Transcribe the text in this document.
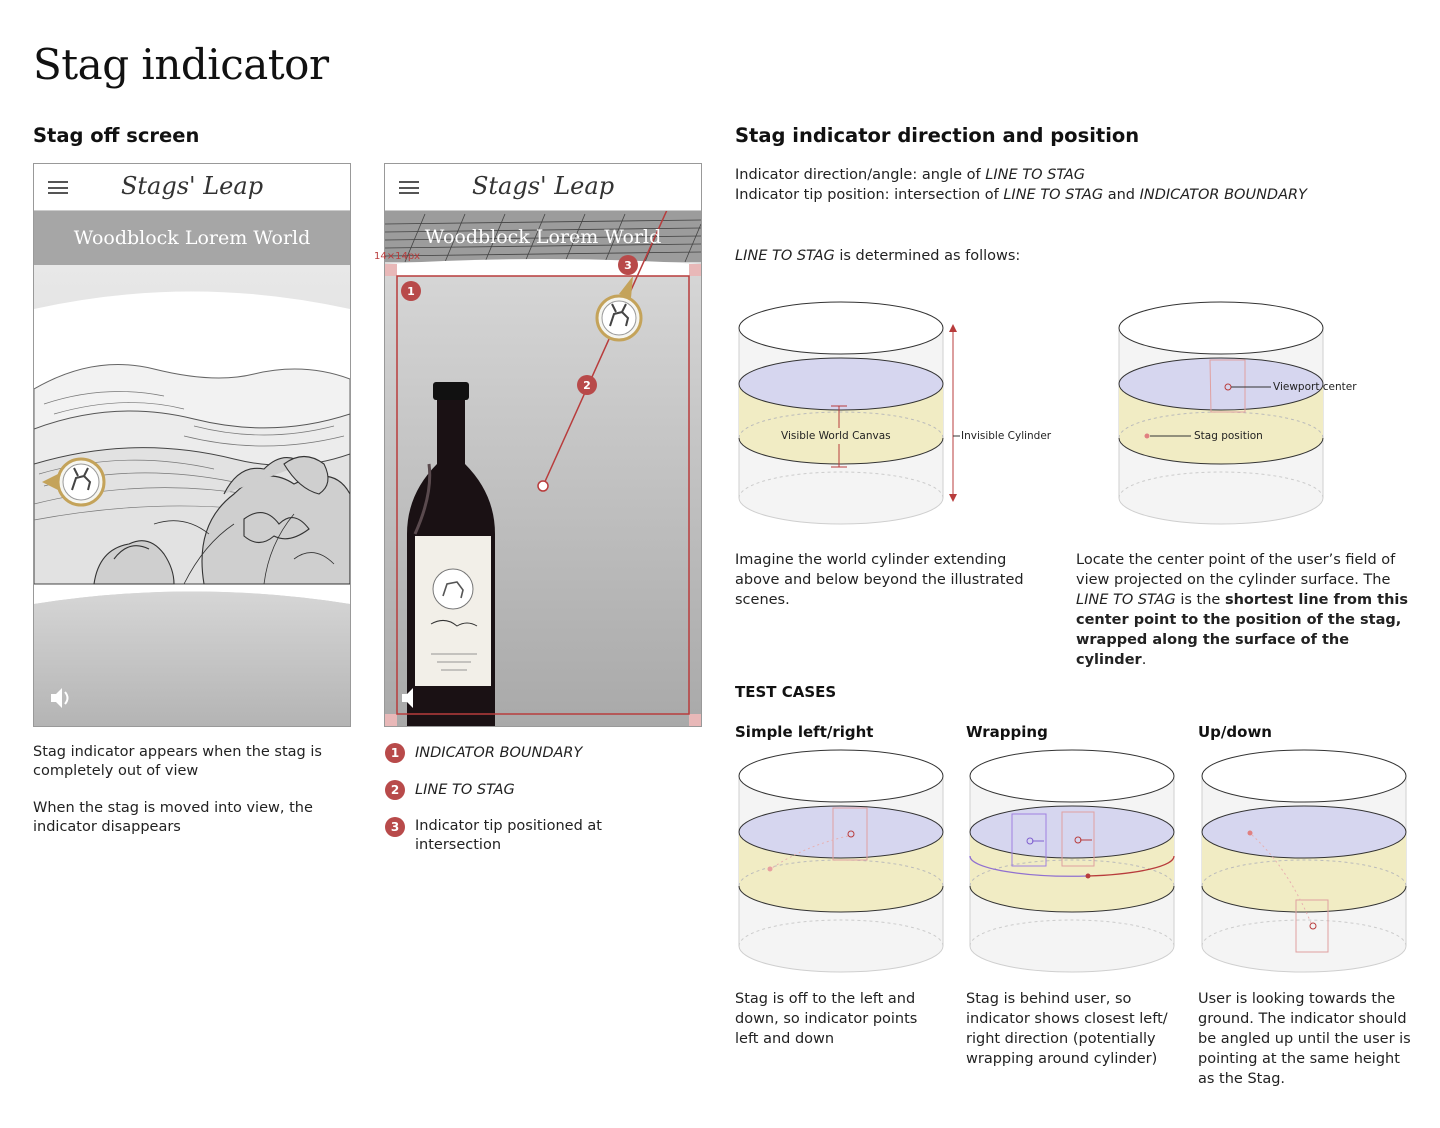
Stag indicator
Stag off screen
Stags' Leap
Woodblock Lorem World
1
2
3
Stags' Leap
Woodblock Lorem World
14×14px
Stag indicator appears when the stag is completely out of view
When the stag is moved into view, the indicator disappears
1	INDICATOR BOUNDARY
2	LINE TO STAG
3	Indicator tip positioned at intersection
Stag indicator direction and position
Indicator direction/angle: angle of LINE TO STAG
Indicator tip position: intersection of LINE TO STAG and INDICATOR BOUNDARY
LINE TO STAG is determined as follows:
Visible World Canvas	Invisible Cylinder
Imagine the world cylinder extending above and below beyond the illustrated scenes.
Viewport center
Stag position
Locate the center point of the user’s field of view projected on the cylinder surface. The LINE TO STAG is the shortest line from this center point to the position of the stag, wrapped along the surface of the cylinder.
TEST CASES
Simple left/right	Wrapping	Up/down
Stag is off to the left and down, so indicator points left and down
Stag is behind user, so indicator shows closest left/ right direction (potentially wrapping around cylinder)
User is looking towards the ground. The indicator should be angled up until the user is pointing at the same height as the Stag.
